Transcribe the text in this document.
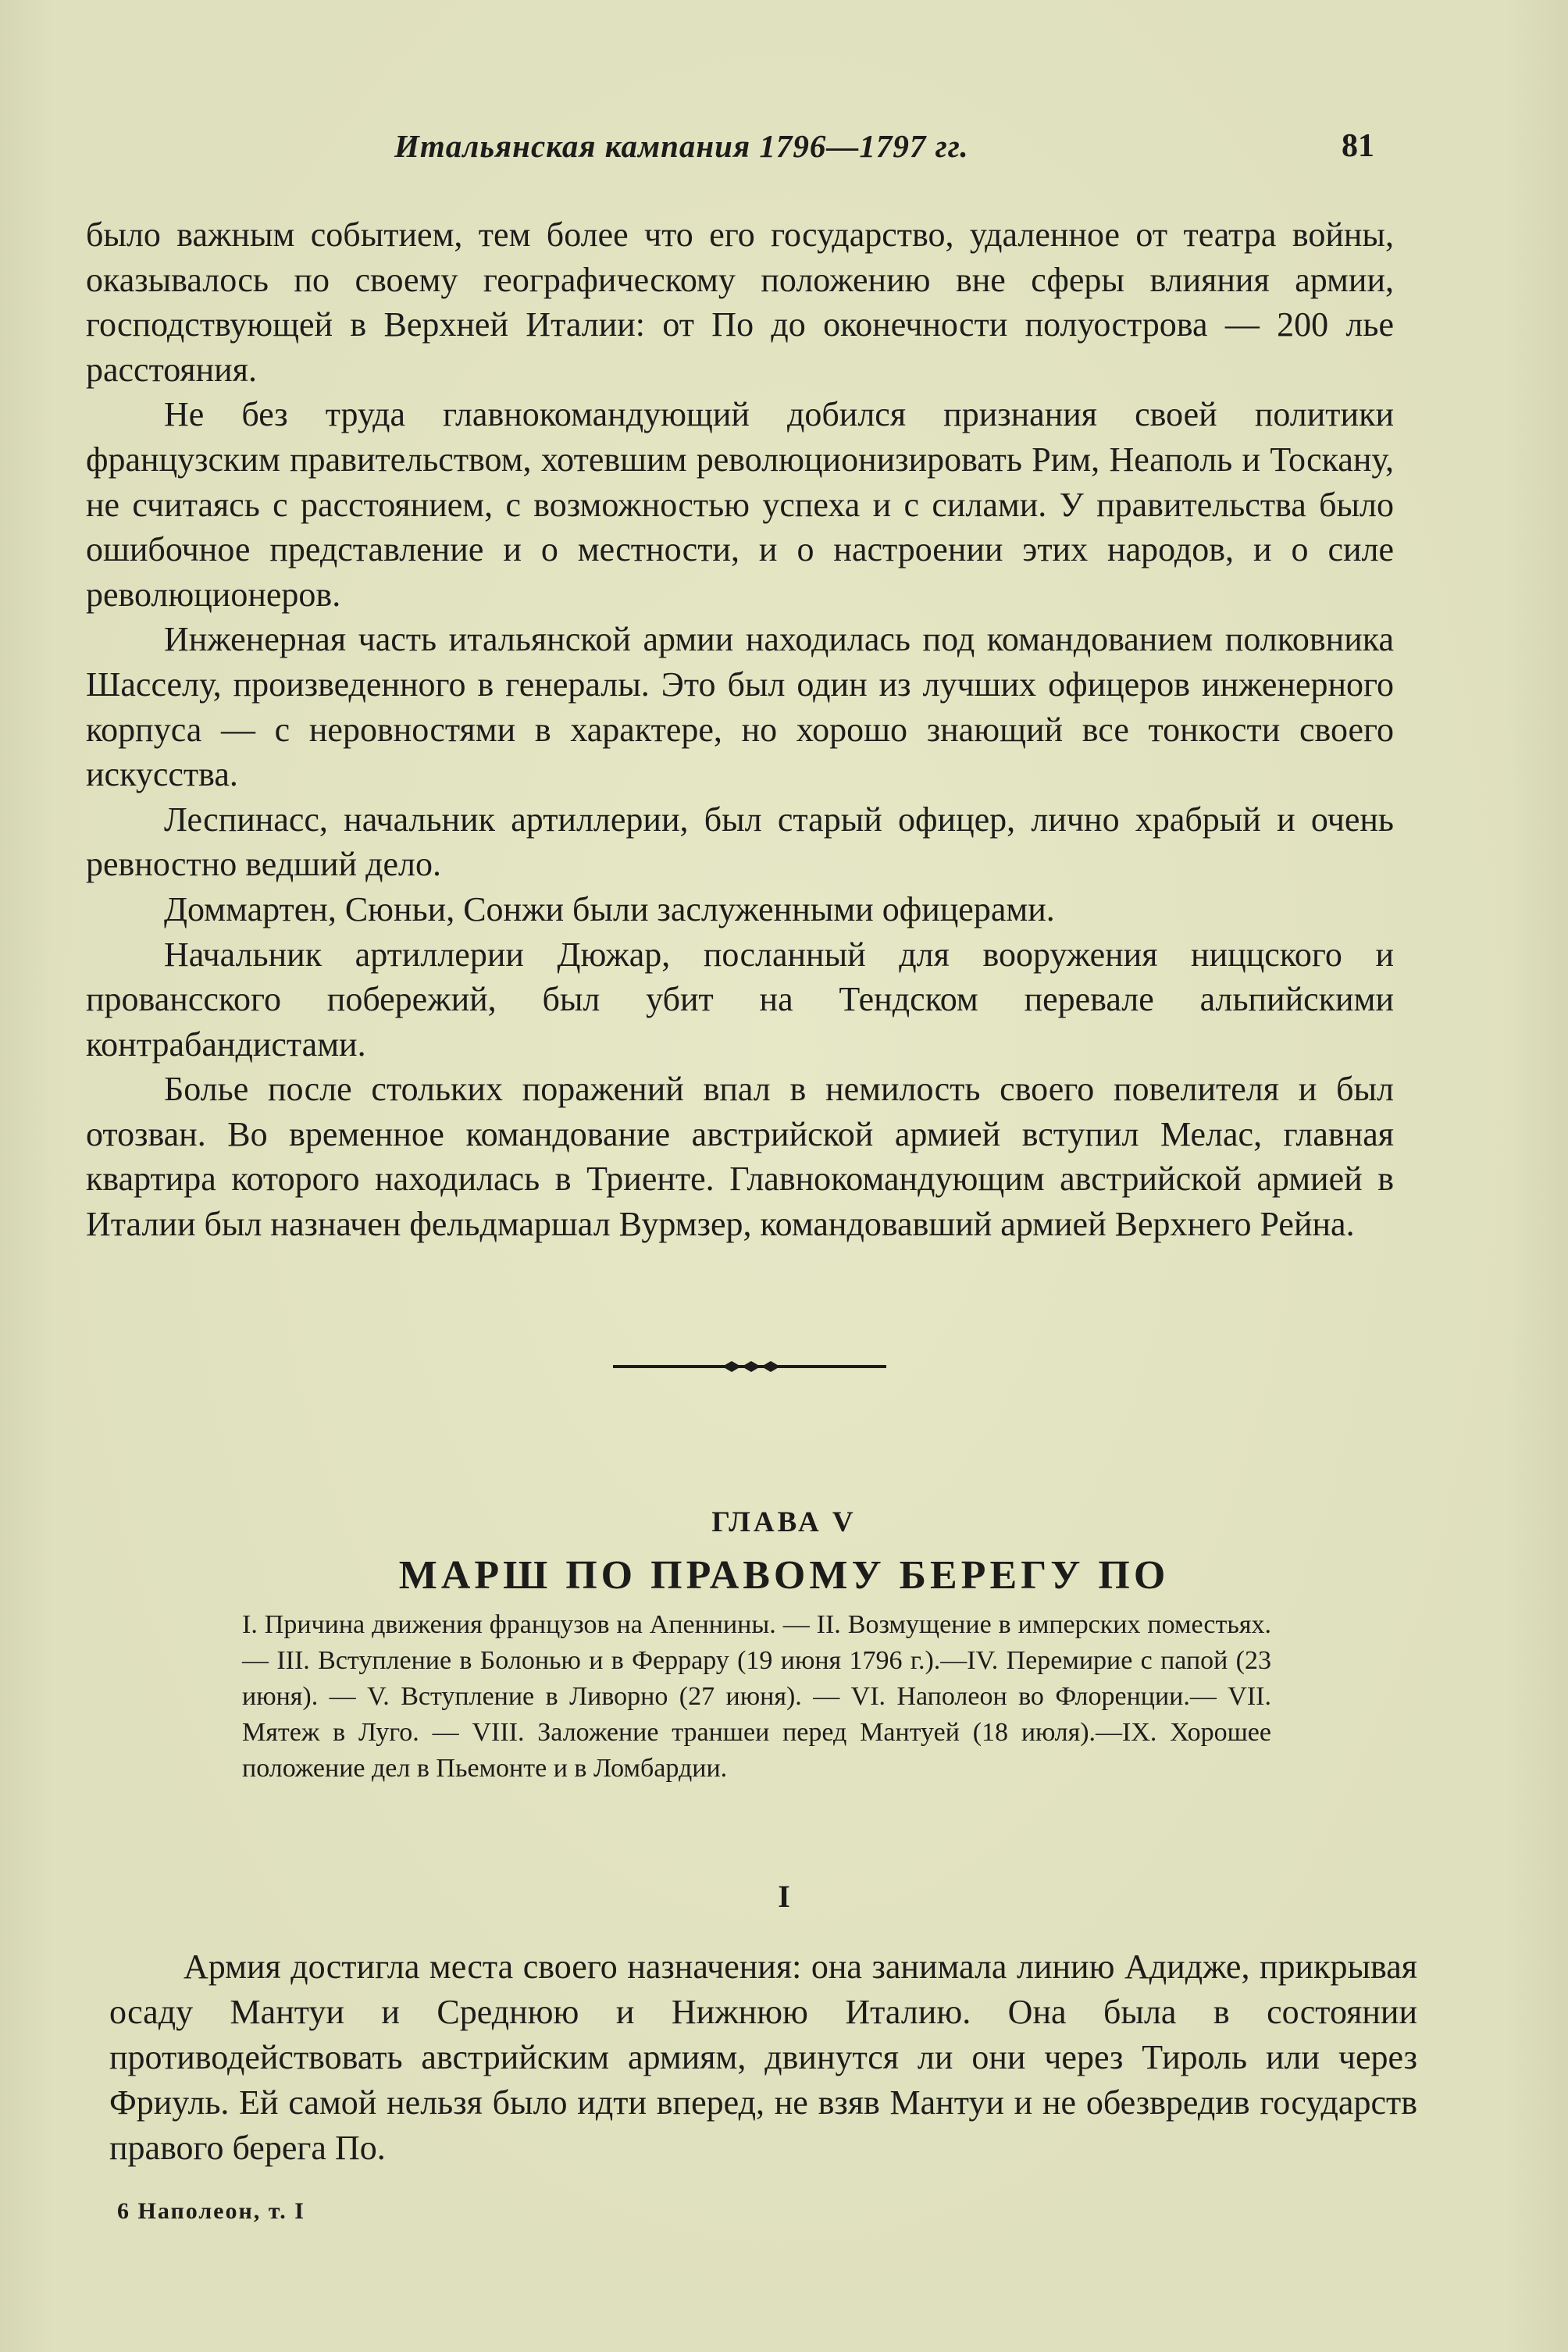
Итальянская кампания 1796—1797 гг.	81

было важным событием, тем более что его государство, удаленное от театра войны, оказывалось по своему географическому положению вне сферы влияния армии, господствующей в Верхней Италии: от По до оконечности полуострова — 200 лье расстояния.

Не без труда главнокомандующий добился признания своей политики французским правительством, хотевшим революционизировать Рим, Неаполь и Тоскану, не считаясь с расстоянием, с возможностью успеха и с силами. У правительства было ошибочное представление и о местности, и о настроении этих народов, и о силе революционеров.

Инженерная часть итальянской армии находилась под командованием полковника Шасселу, произведенного в генералы. Это был один из лучших офицеров инженерного корпуса — с неровностями в характере, но хорошо знающий все тонкости своего искусства.

Леспинасс, начальник артиллерии, был старый офицер, лично храбрый и очень ревностно ведший дело.

Доммартен, Сюньи, Сонжи были заслуженными офицерами.

Начальник артиллерии Дюжар, посланный для вооружения ниццского и провансского побережий, был убит на Тендском перевале альпийскими контрабандистами.

Болье после стольких поражений впал в немилость своего повелителя и был отозван. Во временное командование австрийской армией вступил Мелас, главная квартира которого находилась в Триенте. Главнокомандующим австрийской армией в Италии был назначен фельдмаршал Вурмзер, командовавший армией Верхнего Рейна.

ГЛАВА V
МАРШ ПО ПРАВОМУ БЕРЕГУ ПО
I. Причина движения французов на Апеннины. — II. Возмущение в имперских поместьях. — III. Вступление в Болонью и в Феррару (19 июня 1796 г.).—IV. Перемирие с папой (23 июня). — V. Вступление в Ливорно (27 июня). — VI. Наполеон во Флоренции.— VII. Мятеж в Луго. — VIII. Заложение траншеи перед Мантуей (18 июля).—IX. Хорошее положение дел в Пьемонте и в Ломбардии.
I

Армия достигла места своего назначения: она занимала линию Адидже, прикрывая осаду Мантуи и Среднюю и Нижнюю Италию. Она была в состоянии противодействовать австрийским армиям, двинутся ли они через Тироль или через Фриуль. Ей самой нельзя было идти вперед, не взяв Мантуи и не обезвредив государств правого берега По.

6 Наполеон, т. I
